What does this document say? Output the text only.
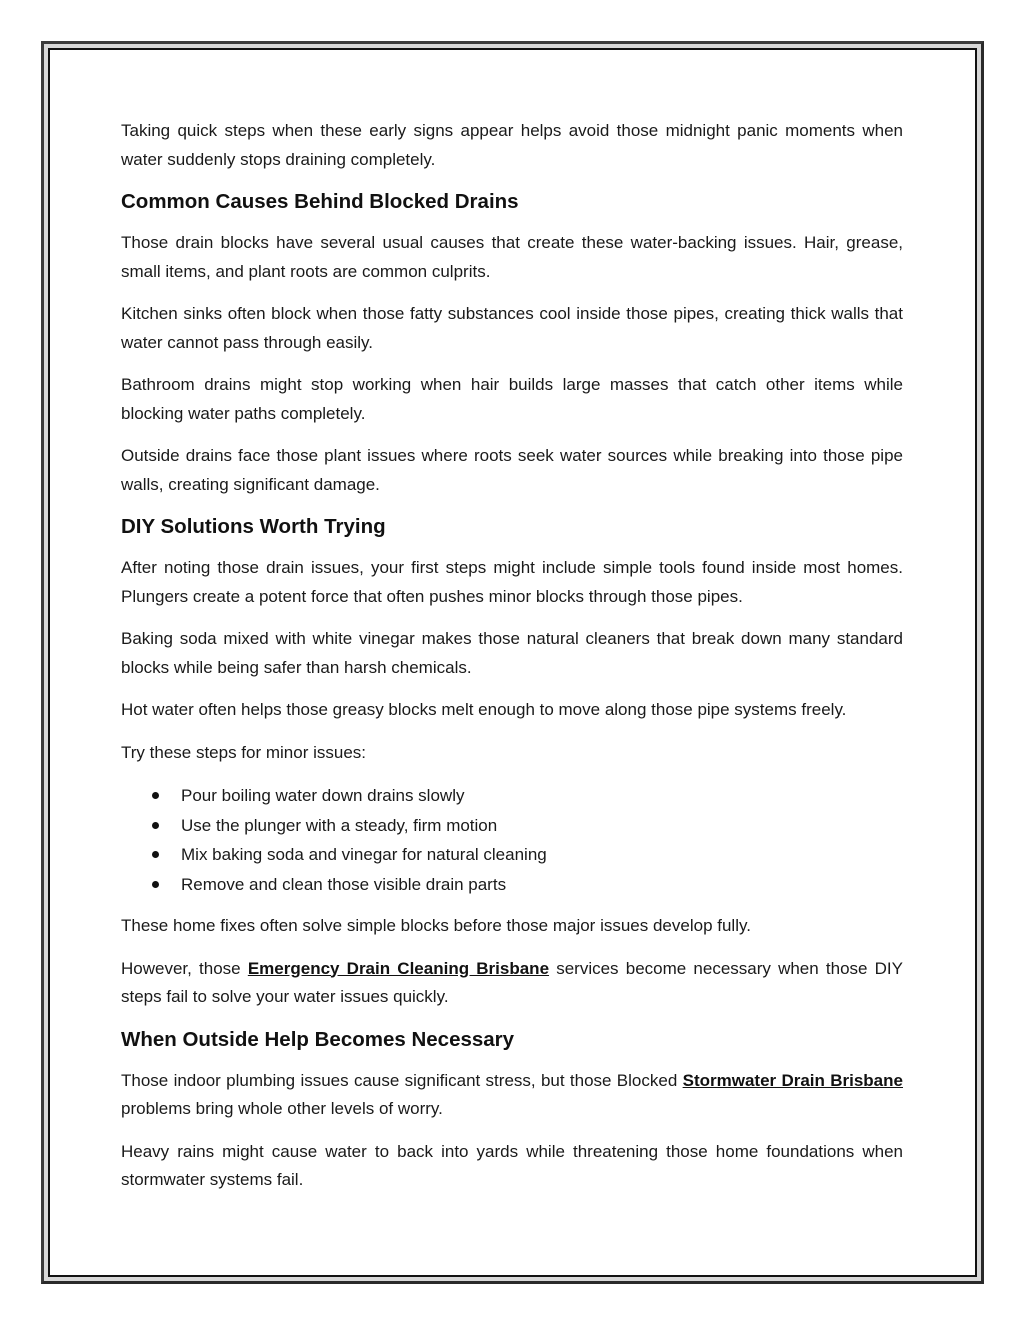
Taking quick steps when these early signs appear helps avoid those midnight panic moments when water suddenly stops draining completely.

Common Causes Behind Blocked Drains

Those drain blocks have several usual causes that create these water-backing issues. Hair, grease, small items, and plant roots are common culprits.

Kitchen sinks often block when those fatty substances cool inside those pipes, creating thick walls that water cannot pass through easily.

Bathroom drains might stop working when hair builds large masses that catch other items while blocking water paths completely.

Outside drains face those plant issues where roots seek water sources while breaking into those pipe walls, creating significant damage.

DIY Solutions Worth Trying

After noting those drain issues, your first steps might include simple tools found inside most homes. Plungers create a potent force that often pushes minor blocks through those pipes.

Baking soda mixed with white vinegar makes those natural cleaners that break down many standard blocks while being safer than harsh chemicals.

Hot water often helps those greasy blocks melt enough to move along those pipe systems freely.

Try these steps for minor issues:

Pour boiling water down drains slowly
Use the plunger with a steady, firm motion
Mix baking soda and vinegar for natural cleaning
Remove and clean those visible drain parts

These home fixes often solve simple blocks before those major issues develop fully.

However, those Emergency Drain Cleaning Brisbane services become necessary when those DIY steps fail to solve your water issues quickly.

When Outside Help Becomes Necessary

Those indoor plumbing issues cause significant stress, but those Blocked Stormwater Drain Brisbane problems bring whole other levels of worry.

Heavy rains might cause water to back into yards while threatening those home foundations when stormwater systems fail.
